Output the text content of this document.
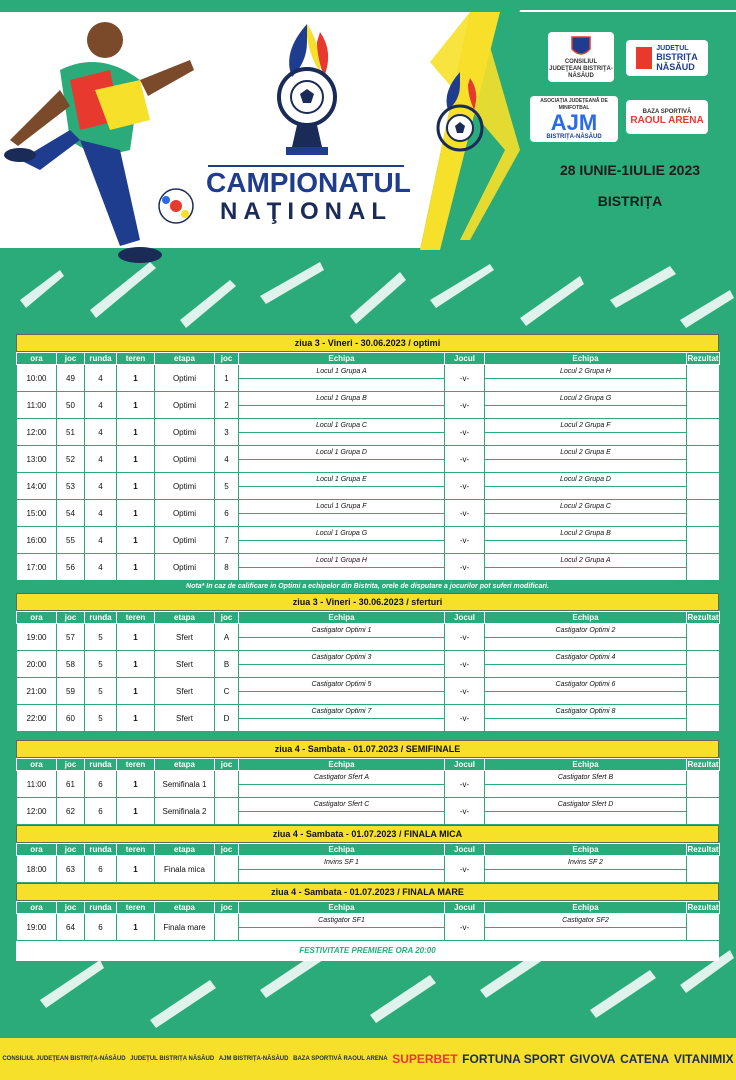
CAMPIONATUL
NAŢIONAL
CONSILIUL JUDEŢEAN BISTRIŢA-NĂSĂUD
JUDEȚUL
BISTRIȚA
NĂSĂUD
ASOCIAȚIA JUDEȚEANĂ DE MINIFOTBAL
AJM
BISTRIȚA-NĂSĂUD
BAZA SPORTIVĂ
RAOUL ARENA
28 IUNIE-1IULIE 2023
BISTRIȚA
ziua 3 - Vineri - 30.06.2023 / optimi
ora	joc	runda	teren	etapa	joc	Echipa	Jocul	Echipa	Rezultat
10:00	49	4	1	Optimi	1	Locul 1 Grupa A	-v-	Locul 2 Grupa H	

11:00	50	4	1	Optimi	2	Locul 1 Grupa B	-v-	Locul 2 Grupa G	

12:00	51	4	1	Optimi	3	Locul 1 Grupa C	-v-	Locul 2 Grupa F	

13:00	52	4	1	Optimi	4	Locul 1 Grupa D	-v-	Locul 2 Grupa E	

14:00	53	4	1	Optimi	5	Locul 1 Grupa E	-v-	Locul 2 Grupa D	

15:00	54	4	1	Optimi	6	Locul 1 Grupa F	-v-	Locul 2 Grupa C	

16:00	55	4	1	Optimi	7	Locul 1 Grupa G	-v-	Locul 2 Grupa B	

17:00	56	4	1	Optimi	8	Locul 1 Grupa H	-v-	Locul 2 Grupa A	

Nota* In caz de calificare in Optimi a echipelor din Bistrita, orele de disputare a jocurilor pot suferi modificari.
ziua 3 - Vineri - 30.06.2023 / sferturi
ora	joc	runda	teren	etapa	joc	Echipa	Jocul	Echipa	Rezultat
19:00	57	5	1	Sfert	A	Castigator Optimi 1	-v-	Castigator Optimi 2	

20:00	58	5	1	Sfert	B	Castigator Optimi 3	-v-	Castigator Optimi 4	

21:00	59	5	1	Sfert	C	Castigator Optimi 5	-v-	Castigator Optimi 6	

22:00	60	5	1	Sfert	D	Castigator Optimi 7	-v-	Castigator Optimi 8	

ziua 4 - Sambata - 01.07.2023 / SEMIFINALE
ora	joc	runda	teren	etapa	joc	Echipa	Jocul	Echipa	Rezultat
11:00	61	6	1	Semifinala 1		Castigator Sfert A	-v-	Castigator Sfert B	

12:00	62	6	1	Semifinala 2		Castigator Sfert C	-v-	Castigator Sfert D	

ziua 4 - Sambata - 01.07.2023 / FINALA MICA
ora	joc	runda	teren	etapa	joc	Echipa	Jocul	Echipa	Rezultat
18:00	63	6	1	Finala mica		Invins SF 1	-v-	Invins SF 2	

ziua 4 - Sambata - 01.07.2023 / FINALA MARE
ora	joc	runda	teren	etapa	joc	Echipa	Jocul	Echipa	Rezultat
19:00	64	6	1	Finala mare		Castigator SF1	-v-	Castigator SF2	

FESTIVITATE PREMIERE ORA 20:00
CONSILIUL JUDEŢEAN BISTRIŢA-NĂSĂUD JUDEȚUL BISTRIȚA NĂSĂUD AJM BISTRIȚA-NĂSĂUD BAZA SPORTIVĂ RAOUL ARENA SUPERBET FORTUNA SPORT GIVOVA CATENA VITANIMIX
